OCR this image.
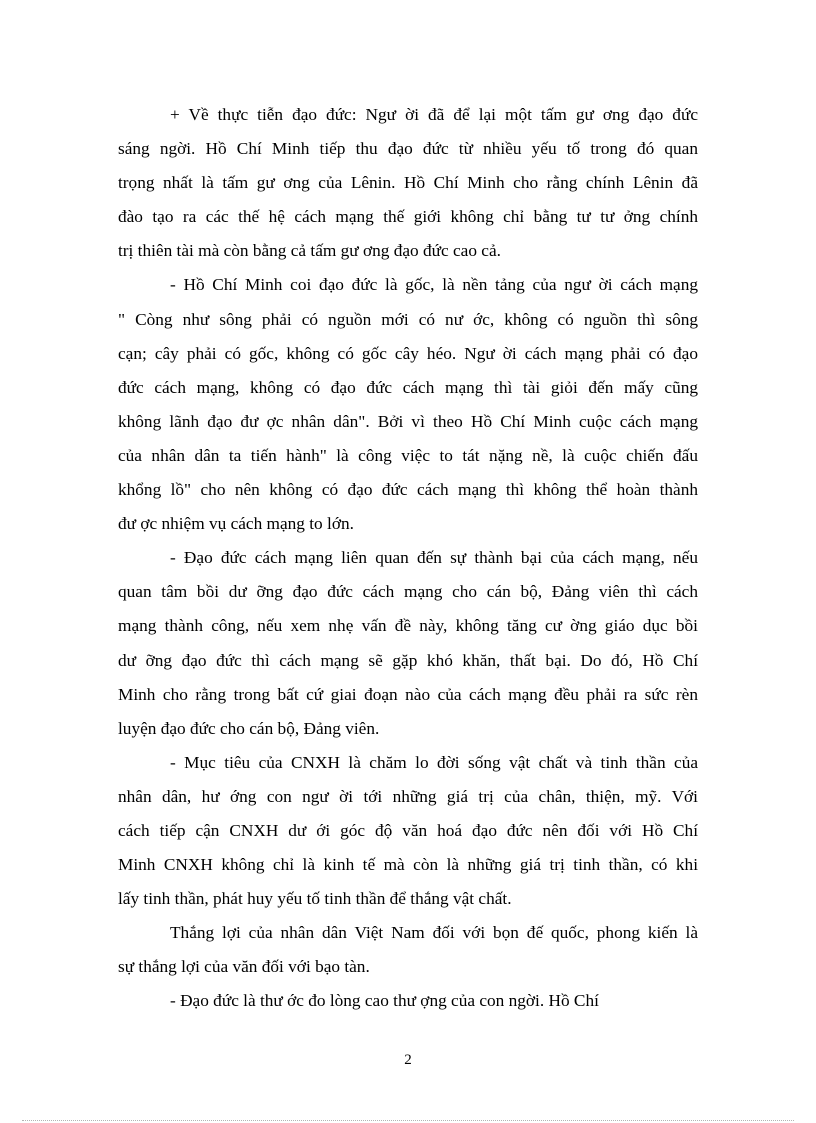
+ Về thực tiễn đạo đức: Ngư ời đã để lại một tấm gư ơng đạo đức
sáng ngời. Hồ Chí Minh tiếp thu đạo đức từ nhiều yếu tố trong đó quan
trọng nhất là tấm gư ơng của Lênin. Hồ Chí Minh cho rằng chính Lênin đã
đào tạo ra các thế hệ cách mạng thế giới không chỉ bằng tư tư ởng chính
trị thiên tài mà còn bằng cả tấm gư ơng đạo đức cao cả.
- Hồ Chí Minh coi đạo đức là gốc, là nền tảng của ngư ời cách mạng
" Còng như sông phải có nguồn mới có nư ớc, không có nguồn thì sông
cạn; cây phải có gốc, không có gốc cây héo. Ngư ời cách mạng phải có đạo
đức cách mạng, không có đạo đức cách mạng thì tài giỏi đến mấy cũng
không lãnh đạo đư ợc nhân dân". Bởi vì theo Hồ Chí Minh cuộc cách mạng
của nhân dân ta tiến hành" là công việc to tát nặng nề, là cuộc chiến đấu
khổng lồ" cho nên không có đạo đức cách mạng thì không thể hoàn thành
đư ợc nhiệm vụ cách mạng to lớn.
- Đạo đức cách mạng liên quan đến sự thành bại của cách mạng, nếu
quan tâm bồi dư ỡng đạo đức cách mạng cho cán bộ, Đảng viên thì cách
mạng thành công, nếu xem nhẹ vấn đề này, không tăng cư ờng giáo dục bồi
dư ỡng đạo đức thì cách mạng sẽ gặp khó khăn, thất bại. Do đó, Hồ Chí
Minh cho rằng trong bất cứ giai đoạn nào của cách mạng đều phải ra sức rèn
luyện đạo đức cho cán bộ, Đảng viên.
- Mục tiêu của CNXH là chăm lo đời sống vật chất và tinh thần của
nhân dân, hư ớng con ngư ời tới những giá trị của chân, thiện, mỹ. Với
cách tiếp cận CNXH dư ới góc độ văn hoá đạo đức nên đối với Hồ Chí
Minh CNXH không chỉ là kinh tế mà còn là những giá trị tinh thần, có khi
lấy tinh thần, phát huy yếu tố tinh thần để thắng vật chất.
Thắng lợi của nhân dân Việt Nam đối với bọn đế quốc, phong kiến là
sự thắng lợi của văn đối với bạo tàn.
- Đạo đức là thư ớc đo lòng cao thư ợng của con ngời. Hồ Chí
2
